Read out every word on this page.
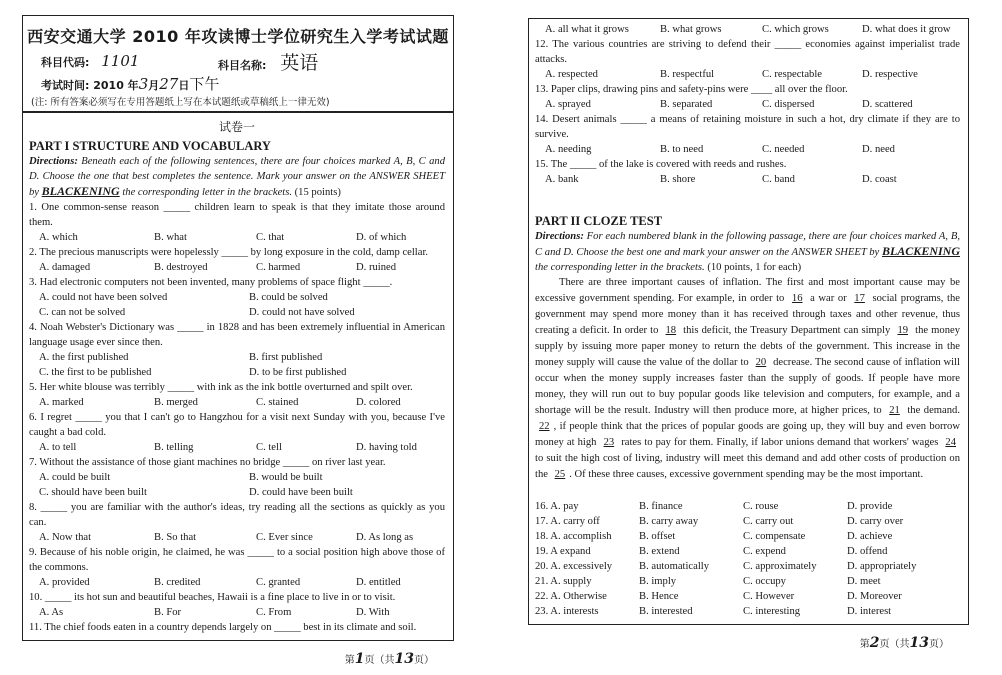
西安交通大学 2010 年攻读博士学位研究生入学考试试题
科目代码: 1101	科目名称: 英语
考试时间: 2010 年3月27日下午
(注: 所有答案必须写在专用答题纸上写在本试题纸或草稿纸上一律无效)
试卷一
PART I STRUCTURE AND VOCABULARY
Directions: Beneath each of the following sentences, there are four choices marked A, B, C and D. Choose the one that best completes the sentence. Mark your answer on the ANSWER SHEET by BLACKENING the corresponding letter in the brackets. (15 points)
1. One common-sense reason _____ children learn to speak is that they imitate those around them.
A. which	B. what	C. that	D. of which
2. The precious manuscripts were hopelessly _____ by long exposure in the cold, damp cellar.
A. damaged	B. destroyed	C. harmed	D. ruined
3. Had electronic computers not been invented, many problems of space flight _____.
A. could not have been solved	B. could be solved
C. can not be solved	D. could not have solved
4. Noah Webster's Dictionary was _____ in 1828 and has been extremely influential in American language usage ever since then.
A. the first published	B. first published
C. the first to be published	D. to be first published
5. Her white blouse was terribly _____ with ink as the ink bottle overturned and spilt over.
A. marked	B. merged	C. stained	D. colored
6. I regret _____ you that I can't go to Hangzhou for a visit next Sunday with you, because I've caught a bad cold.
A. to tell	B. telling	C. tell	D. having told
7. Without the assistance of those giant machines no bridge _____ on river last year.
A. could be built	B. would be built
C. should have been built	D. could have been built
8. _____ you are familiar with the author's ideas, try reading all the sections as quickly as you can.
A. Now that	B. So that	C. Ever since	D. As long as
9. Because of his noble origin, he claimed, he was _____ to a social position high above those of the commons.
A. provided	B. credited	C. granted	D. entitled
10. _____ its hot sun and beautiful beaches, Hawaii is a fine place to live in or to visit.
A. As	B. For	C. From	D. With
11. The chief foods eaten in a country depends largely on _____ best in its climate and soil.
第1页（共13页）
A. all what it grows	B. what grows	C. which grows	D. what does it grow
12. The various countries are striving to defend their _____ economies against imperialist trade attacks.
A. respected	B. respectful	C. respectable	D. respective
13. Paper clips, drawing pins and safety-pins were ____ all over the floor.
A. sprayed	B. separated	C. dispersed	D. scattered
14. Desert animals _____ a means of retaining moisture in such a hot, dry climate if they are to survive.
A. needing	B. to need	C. needed	D. need
15. The _____ of the lake is covered with reeds and rushes.
A. bank	B. shore	C. band	D. coast
PART II CLOZE TEST
Directions: For each numbered blank in the following passage, there are four choices marked A, B, C and D. Choose the best one and mark your answer on the ANSWER SHEET by BLACKENING the corresponding letter in the brackets. (10 points, 1 for each)
There are three important causes of inflation. The first and most important cause may be excessive government spending. For example, in order to 16 a war or 17 social programs, the government may spend more money than it has received through taxes and other revenue, thus creating a deficit. In order to 18 this deficit, the Treasury Department can simply 19 the money supply by issuing more paper money to return the debts of the government. This increase in the money supply will cause the value of the dollar to 20 decrease. The second cause of inflation will occur when the money supply increases faster than the supply of goods. If people have more money, they will run out to buy popular goods like television and computers, for example, and a shortage will be the result. Industry will then produce more, at higher prices, to 21 the demand. 22 , if people think that the prices of popular goods are going up, they will buy and even borrow money at high 23 rates to pay for them. Finally, if labor unions demand that workers' wages 24 to suit the high cost of living, industry will meet this demand and add other costs of production on the 25 . Of these three causes, excessive government spending may be the most important.
16. A. pay	B. finance	C. rouse	D. provide
17. A. carry off	B. carry away	C. carry out	D. carry over
18. A. accomplish	B. offset	C. compensate	D. achieve
19. A expand	B. extend	C. expend	D. offend
20. A. excessively	B. automatically	C. approximately	D. appropriately
21. A. supply	B. imply	C. occupy	D. meet
22. A. Otherwise	B. Hence	C. However	D. Moreover
23. A. interests	B. interested	C. interesting	D. interest
第2页（共13页）
